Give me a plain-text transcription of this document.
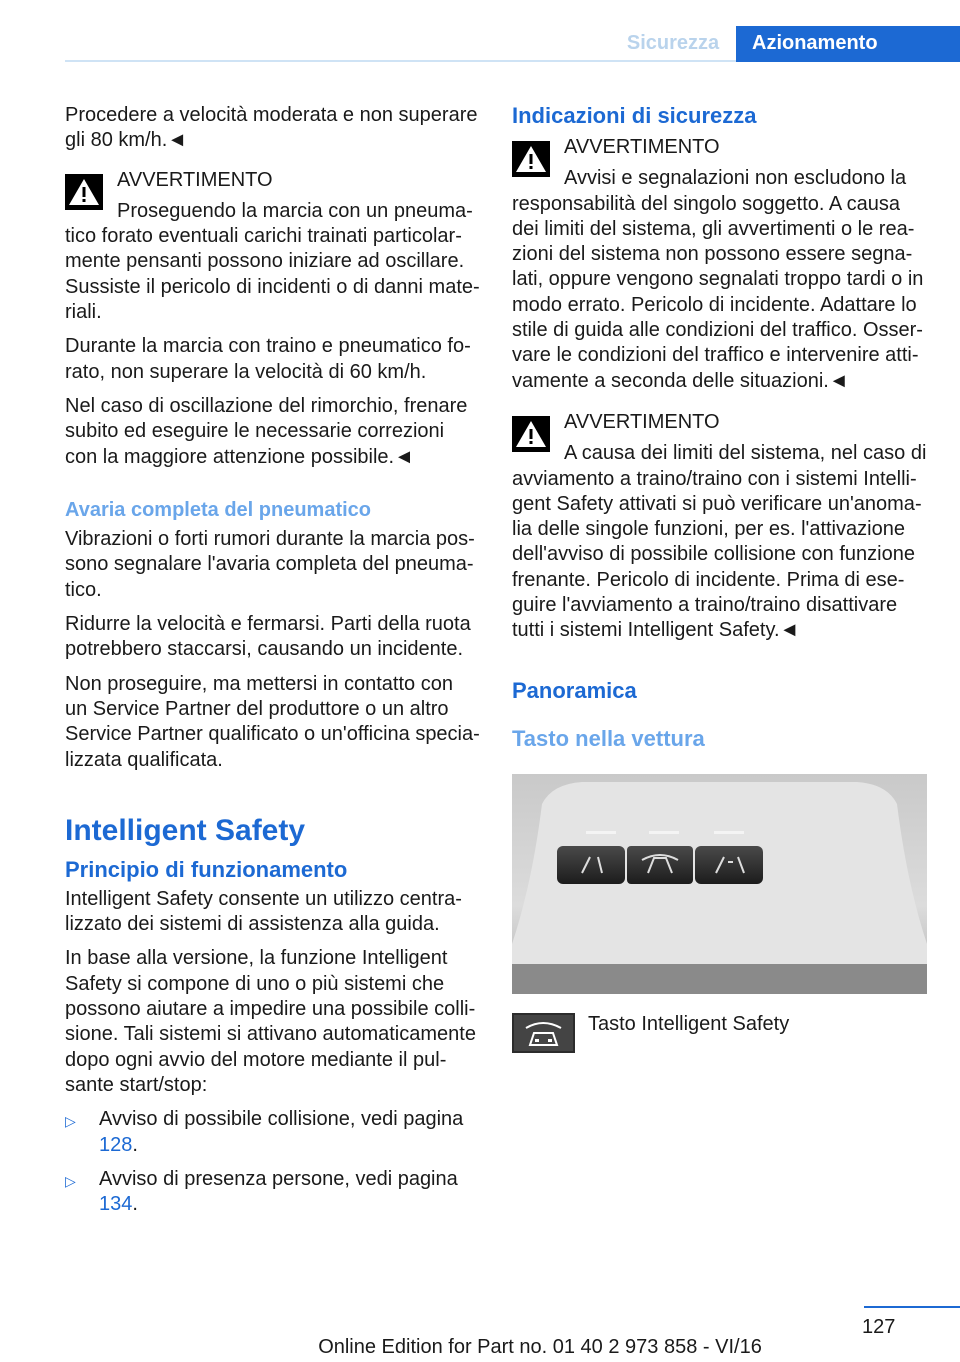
Sicurezza	Azionamento

Procedere a velocità moderata e non superare gli 80 km/h.◄

AVVERTIMENTO

Proseguendo la marcia con un pneumatico forato eventuali carichi trainati particolarmente pensanti possono iniziare ad oscillare. Sussiste il pericolo di incidenti o di danni materiali.

Durante la marcia con traino e pneumatico forato, non superare la velocità di 60 km/h.

Nel caso di oscillazione del rimorchio, frenare subito ed eseguire le necessarie correzioni con la maggiore attenzione possibile.◄

Avaria completa del pneumatico

Vibrazioni o forti rumori durante la marcia possono segnalare l'avaria completa del pneumatico.

Ridurre la velocità e fermarsi. Parti della ruota potrebbero staccarsi, causando un incidente.

Non proseguire, ma mettersi in contatto con un Service Partner del produttore o un altro Service Partner qualificato o un'officina specializzata qualificata.

Intelligent Safety
Principio di funzionamento

Intelligent Safety consente un utilizzo centralizzato dei sistemi di assistenza alla guida.

In base alla versione, la funzione Intelligent Safety si compone di uno o più sistemi che possono aiutare a impedire una possibile collisione. Tali sistemi si attivano automaticamente dopo ogni avvio del motore mediante il pulsante start/stop:

▷ Avviso di possibile collisione, vedi pagina 128.
▷ Avviso di presenza persone, vedi pagina 134.
Indicazioni di sicurezza
AVVERTIMENTO

Avvisi e segnalazioni non escludono la responsabilità del singolo soggetto. A causa dei limiti del sistema, gli avvertimenti o le reazioni del sistema non possono essere segnalati, oppure vengono segnalati troppo tardi o in modo errato. Pericolo di incidente. Adattare lo stile di guida alle condizioni del traffico. Osservare le condizioni del traffico e intervenire attivamente a seconda delle situazioni.◄

AVVERTIMENTO

A causa dei limiti del sistema, nel caso di avviamento a traino/traino con i sistemi Intelligent Safety attivati si può verificare un'anomalia delle singole funzioni, per es. l'attivazione dell'avviso di possibile collisione con funzione frenante. Pericolo di incidente. Prima di eseguire l'avviamento a traino/traino disattivare tutti i sistemi Intelligent Safety.◄

Panoramica
Tasto nella vettura
Tasto Intelligent Safety
127
Online Edition for Part no. 01 40 2 973 858 - VI/16
